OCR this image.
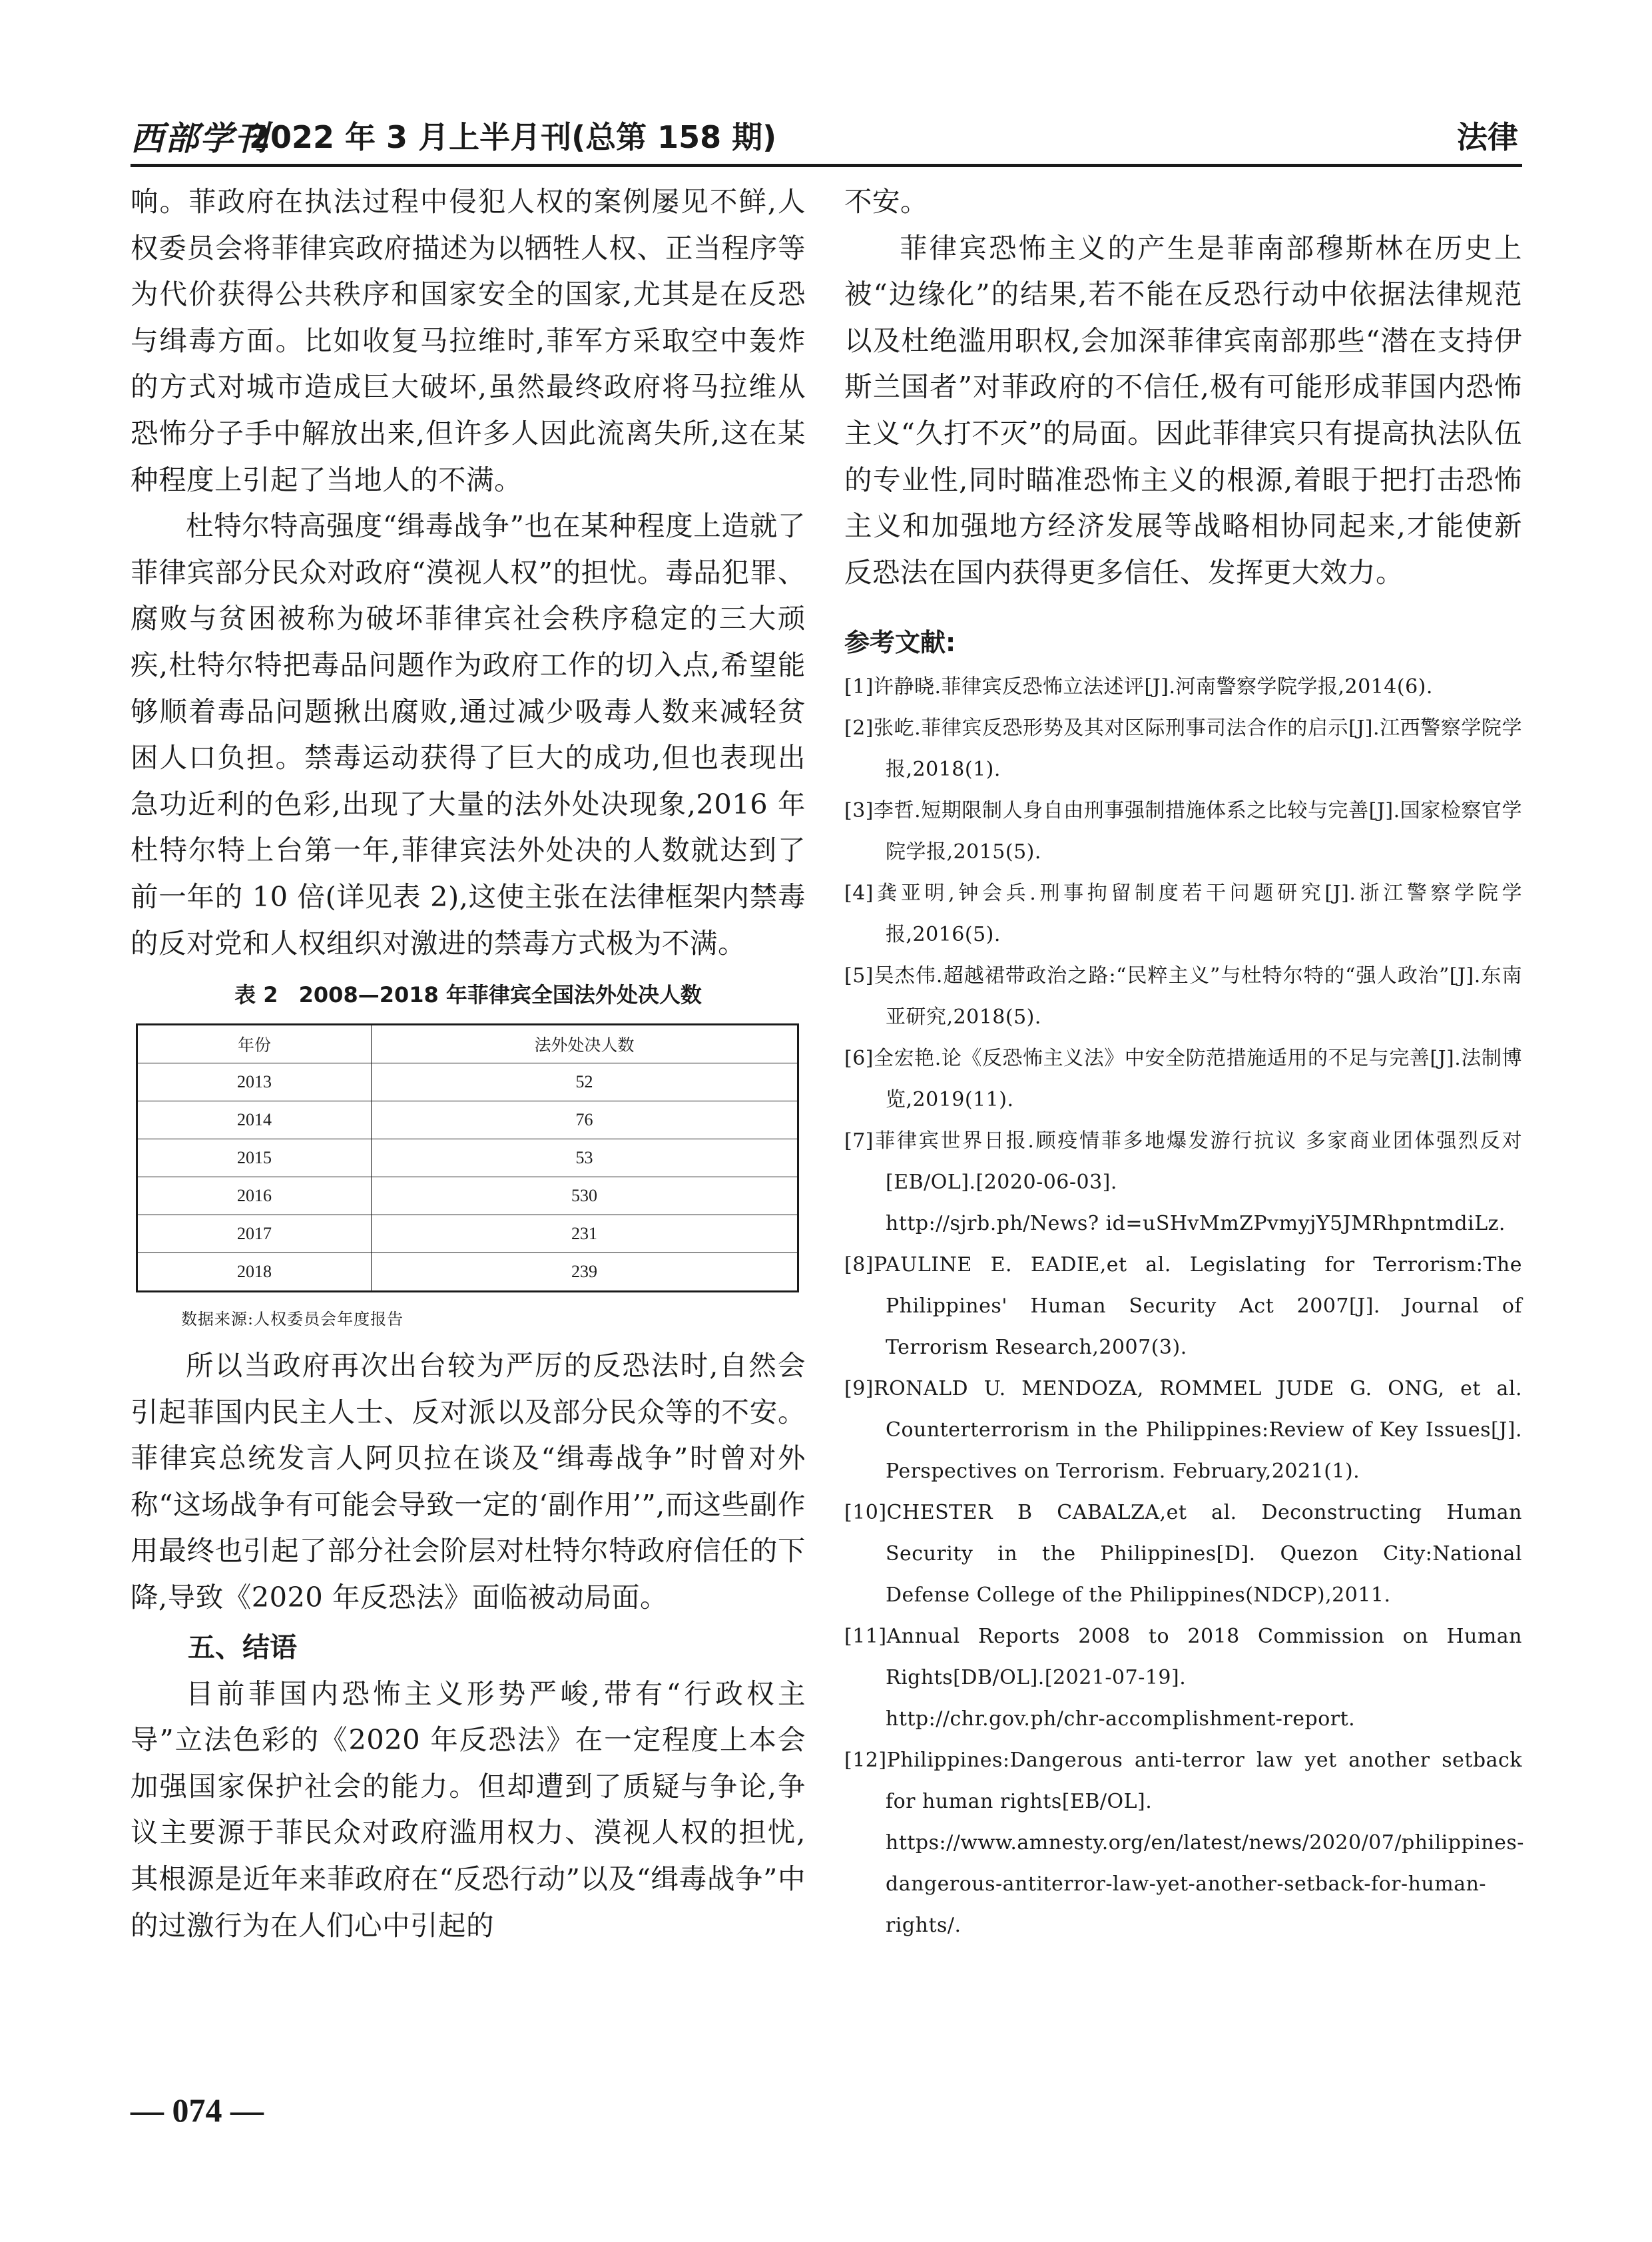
西部学刊
2022 年 3 月上半月刊(总第 158 期)	法律

响。菲政府在执法过程中侵犯人权的案例屡见不鲜,人权委员会将菲律宾政府描述为以牺牲人权、正当程序等为代价获得公共秩序和国家安全的国家,尤其是在反恐与缉毒方面。比如收复马拉维时,菲军方采取空中轰炸的方式对城市造成巨大破坏,虽然最终政府将马拉维从恐怖分子手中解放出来,但许多人因此流离失所,这在某种程度上引起了当地人的不满。

杜特尔特高强度“缉毒战争”也在某种程度上造就了菲律宾部分民众对政府“漠视人权”的担忧。毒品犯罪、腐败与贫困被称为破坏菲律宾社会秩序稳定的三大顽疾,杜特尔特把毒品问题作为政府工作的切入点,希望能够顺着毒品问题揪出腐败,通过减少吸毒人数来减轻贫困人口负担。禁毒运动获得了巨大的成功,但也表现出急功近利的色彩,出现了大量的法外处决现象,2016 年杜特尔特上台第一年,菲律宾法外处决的人数就达到了前一年的 10 倍(详见表 2),这使主张在法律框架内禁毒的反对党和人权组织对激进的禁毒方式极为不满。

表 2 2008—2018 年菲律宾全国法外处决人数
年份	法外处决人数
2013	52
2014	76
2015	53
2016	530
2017	231
2018	239
数据来源:人权委员会年度报告

所以当政府再次出台较为严厉的反恐法时,自然会引起菲国内民主人士、反对派以及部分民众等的不安。菲律宾总统发言人阿贝拉在谈及“缉毒战争”时曾对外称“这场战争有可能会导致一定的‘副作用’”,而这些副作用最终也引起了部分社会阶层对杜特尔特政府信任的下降,导致《2020 年反恐法》面临被动局面。

五、结语

目前菲国内恐怖主义形势严峻,带有“行政权主导”立法色彩的《2020 年反恐法》在一定程度上本会加强国家保护社会的能力。但却遭到了质疑与争论,争议主要源于菲民众对政府滥用权力、漠视人权的担忧,其根源是近年来菲政府在“反恐行动”以及“缉毒战争”中的过激行为在人们心中引起的

不安。

菲律宾恐怖主义的产生是菲南部穆斯林在历史上被“边缘化”的结果,若不能在反恐行动中依据法律规范以及杜绝滥用职权,会加深菲律宾南部那些“潜在支持伊斯兰国者”对菲政府的不信任,极有可能形成菲国内恐怖主义“久打不灭”的局面。因此菲律宾只有提高执法队伍的专业性,同时瞄准恐怖主义的根源,着眼于把打击恐怖主义和加强地方经济发展等战略相协同起来,才能使新反恐法在国内获得更多信任、发挥更大效力。

参考文献:

[1]许静晓.菲律宾反恐怖立法述评[J].河南警察学院学报,2014(6).

[2]张屹.菲律宾反恐形势及其对区际刑事司法合作的启示[J].江西警察学院学报,2018(1).

[3]李哲.短期限制人身自由刑事强制措施体系之比较与完善[J].国家检察官学院学报,2015(5).

[4]龚亚明,钟会兵.刑事拘留制度若干问题研究[J].浙江警察学院学报,2016(5).

[5]吴杰伟.超越裙带政治之路:“民粹主义”与杜特尔特的“强人政治”[J].东南亚研究,2018(5).

[6]全宏艳.论《反恐怖主义法》中安全防范措施适用的不足与完善[J].法制博览,2019(11).

[7]菲律宾世界日报.顾疫情菲多地爆发游行抗议 多家商业团体强烈反对[EB/OL].[2020-06-03].
http://sjrb.ph/News? id=uSHvMmZPvmyjY5JMRhpntmdiLz.

[8]PAULINE E. EADIE,et al. Legislating for Terrorism:The Philippines' Human Security Act 2007[J]. Journal of Terrorism Research,2007(3).

[9]RONALD U. MENDOZA, ROMMEL JUDE G. ONG, et al. Counterterrorism in the Philippines:Review of Key Issues[J]. Perspectives on Terrorism. February,2021(1).

[10]CHESTER B CABALZA,et al. Deconstructing Human Security in the Philippines[D]. Quezon City:National Defense College of the Philippines(NDCP),2011.

[11]Annual Reports 2008 to 2018 Commission on Human Rights[DB/OL].[2021-07-19].
http://chr.gov.ph/chr-accomplishment-report.

[12]Philippines:Dangerous anti-terror law yet another setback for human rights[EB/OL].
https://www.amnesty.org/en/latest/news/2020/07/philippines-dangerous-antiterror-law-yet-another-setback-for-human-rights/.

— 074 —
